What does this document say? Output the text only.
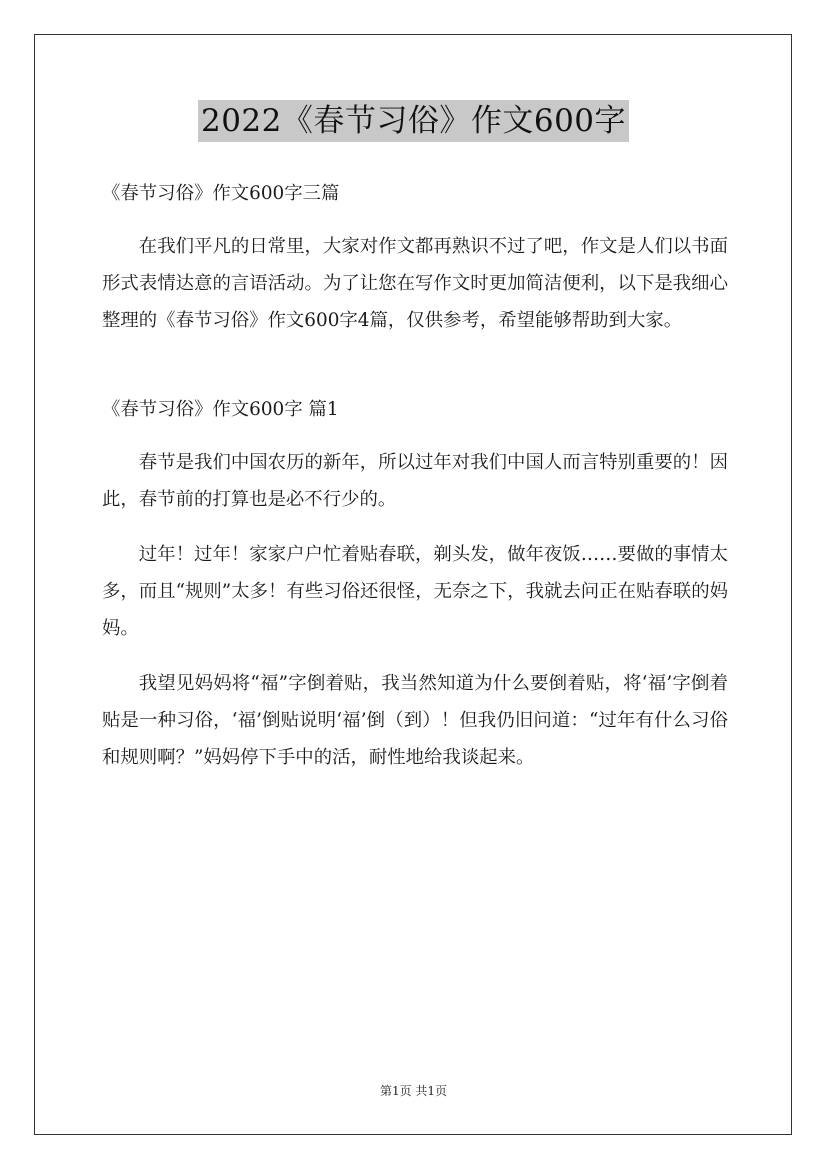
2022《春节习俗》作文600字

《春节习俗》作文600字三篇

在我们平凡的日常里，大家对作文都再熟识不过了吧，作文是人们以书面形式表情达意的言语活动。为了让您在写作文时更加简洁便利，以下是我细心整理的《春节习俗》作文600字4篇，仅供参考，希望能够帮助到大家。

《春节习俗》作文600字 篇1

春节是我们中国农历的新年，所以过年对我们中国人而言特别重要的！因此，春节前的打算也是必不行少的。

过年！过年！家家户户忙着贴春联，剃头发，做年夜饭……要做的事情太多，而且“规则”太多！有些习俗还很怪，无奈之下，我就去问正在贴春联的妈妈。

我望见妈妈将“福”字倒着贴，我当然知道为什么要倒着贴，将‘福’字倒着贴是一种习俗，‘福’倒贴说明‘福’倒（到）！但我仍旧问道：“过年有什么习俗和规则啊？”妈妈停下手中的活，耐性地给我谈起来。

第1页 共1页
